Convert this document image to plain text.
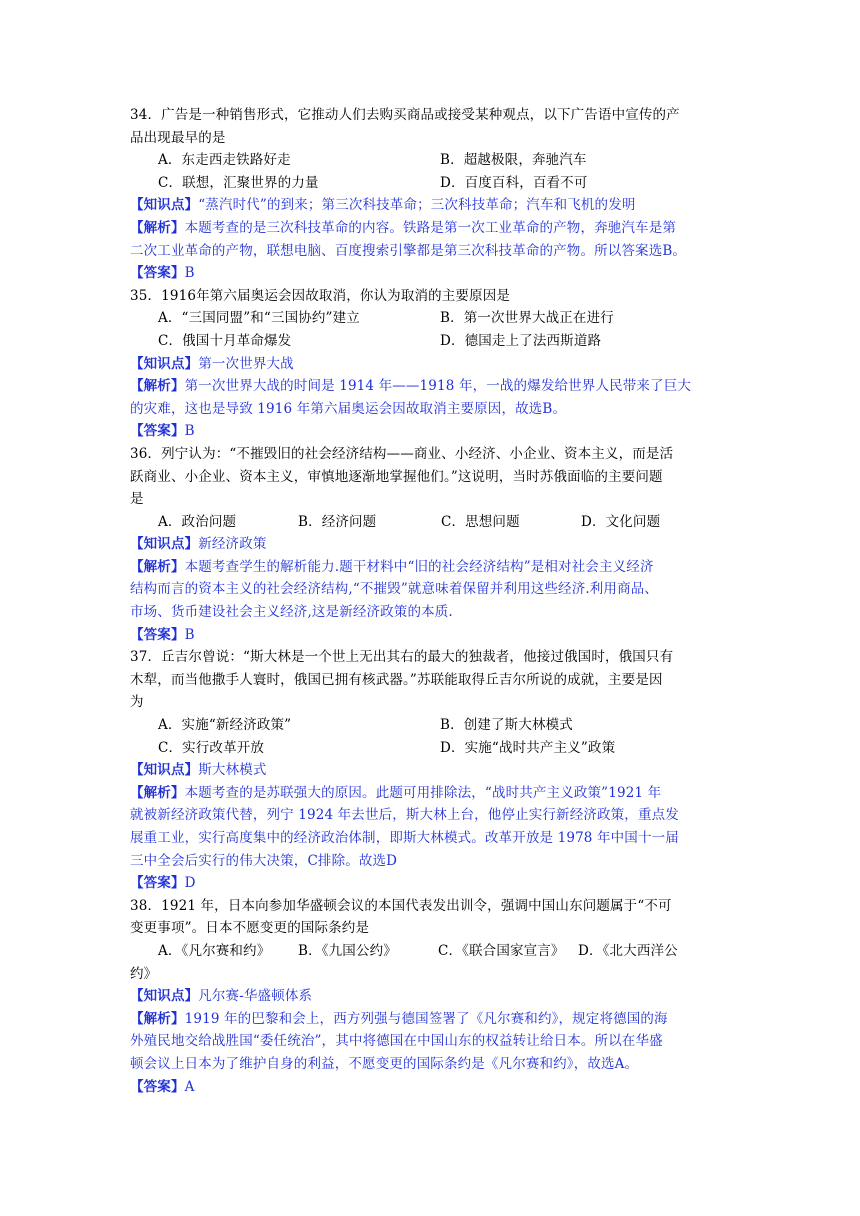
34．广告是一种销售形式，它推动人们去购买商品或接受某种观点，以下广告语中宣传的产
品出现最早的是
A．东走西走铁路好走	B．超越极限，奔驰汽车
C．联想，汇聚世界的力量	D．百度百科，百看不可
【知识点】“蒸汽时代”的到来；第三次科技革命；三次科技革命；汽车和飞机的发明
【解析】本题考查的是三次科技革命的内容。铁路是第一次工业革命的产物，奔驰汽车是第
二次工业革命的产物，联想电脑、百度搜索引擎都是第三次科技革命的产物。所以答案选B。
【答案】B
35．1916年第六届奥运会因故取消，你认为取消的主要原因是
A．“三国同盟”和“三国协约”建立	B．第一次世界大战正在进行
C．俄国十月革命爆发	D．德国走上了法西斯道路
【知识点】第一次世界大战
【解析】第一次世界大战的时间是 1914 年——1918 年，一战的爆发给世界人民带来了巨大
的灾难，这也是导致 1916 年第六届奥运会因故取消主要原因，故选B。
【答案】B
36．列宁认为：“不摧毁旧的社会经济结构——商业、小经济、小企业、资本主义，而是活
跃商业、小企业、资本主义，审慎地逐渐地掌握他们。”这说明，当时苏俄面临的主要问题
是
A．政治问题	B．经济问题	C．思想问题	D．文化问题
【知识点】新经济政策
【解析】本题考查学生的解析能力.题干材料中“旧的社会经济结构”是相对社会主义经济
结构而言的资本主义的社会经济结构,“不摧毁”就意味着保留并利用这些经济.利用商品、
市场、货币建设社会主义经济,这是新经济政策的本质.
【答案】B
37．丘吉尔曾说：“斯大林是一个世上无出其右的最大的独裁者，他接过俄国时，俄国只有
木犁，而当他撒手人寰时，俄国已拥有核武器。”苏联能取得丘吉尔所说的成就，主要是因
为
A．实施“新经济政策”	B．创建了斯大林模式
C．实行改革开放	D．实施“战时共产主义”政策
【知识点】斯大林模式
【解析】本题考查的是苏联强大的原因。此题可用排除法，“战时共产主义政策”1921 年
就被新经济政策代替，列宁 1924 年去世后，斯大林上台，他停止实行新经济政策，重点发
展重工业，实行高度集中的经济政治体制，即斯大林模式。改革开放是 1978 年中国十一届
三中全会后实行的伟大决策，C排除。故选D
【答案】D
38．1921 年，日本向参加华盛顿会议的本国代表发出训令，强调中国山东问题属于“不可
变更事项”。日本不愿变更的国际条约是
A．《凡尔赛和约》	B．《九国公约》	C．《联合国家宣言》 D．《北大西洋公
约》
【知识点】凡尔赛-华盛顿体系
【解析】1919 年的巴黎和会上，西方列强与德国签署了《凡尔赛和约》，规定将德国的海
外殖民地交给战胜国“委任统治”，其中将德国在中国山东的权益转让给日本。所以在华盛
顿会议上日本为了维护自身的利益，不愿变更的国际条约是《凡尔赛和约》，故选A。
【答案】A
